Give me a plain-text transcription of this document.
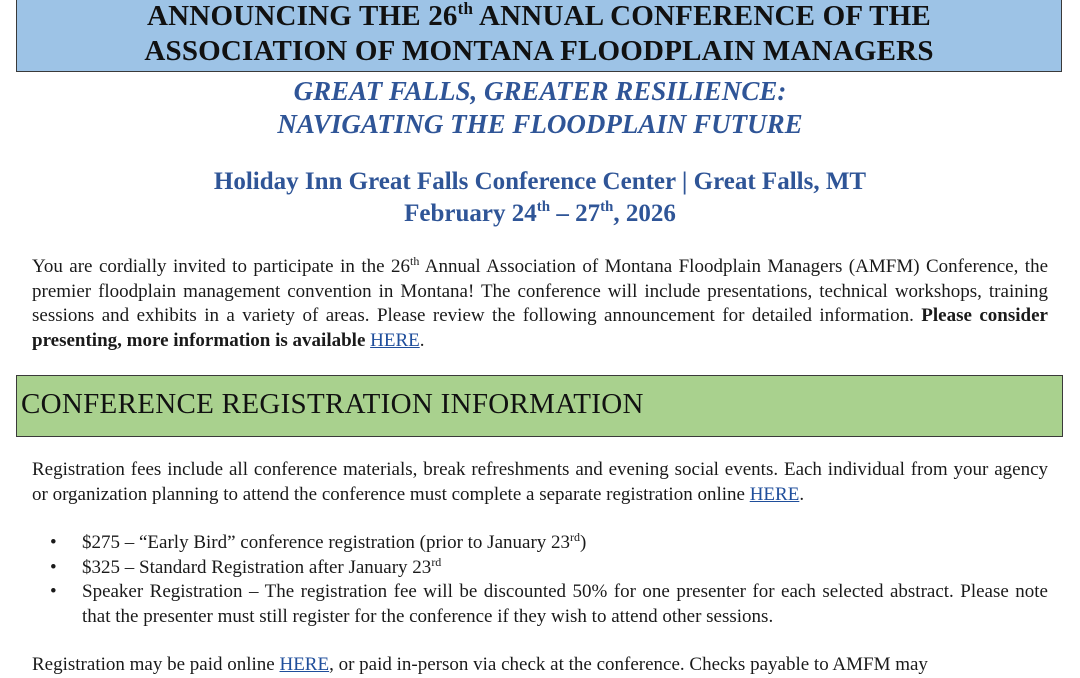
ANNOUNCING THE 26th ANNUAL CONFERENCE OF THE
ASSOCIATION OF MONTANA FLOODPLAIN MANAGERS
GREAT FALLS, GREATER RESILIENCE:
NAVIGATING THE FLOODPLAIN FUTURE
Holiday Inn Great Falls Conference Center | Great Falls, MT
February 24th – 27th, 2026
You are cordially invited to participate in the 26th Annual Association of Montana Floodplain Managers (AMFM) Conference, the premier floodplain management convention in Montana! The conference will include presentations, technical workshops, training sessions and exhibits in a variety of areas. Please review the following announcement for detailed information. Please consider presenting, more information is available HERE.
CONFERENCE REGISTRATION INFORMATION
Registration fees include all conference materials, break refreshments and evening social events. Each individual from your agency or organization planning to attend the conference must complete a separate registration online HERE.
• $275 – “Early Bird” conference registration (prior to January 23rd)
• $325 – Standard Registration after January 23rd
• Speaker Registration – The registration fee will be discounted 50% for one presenter for each selected abstract. Please note that the presenter must still register for the conference if they wish to attend other sessions.
Registration may be paid online HERE, or paid in-person via check at the conference. Checks payable to AMFM may
